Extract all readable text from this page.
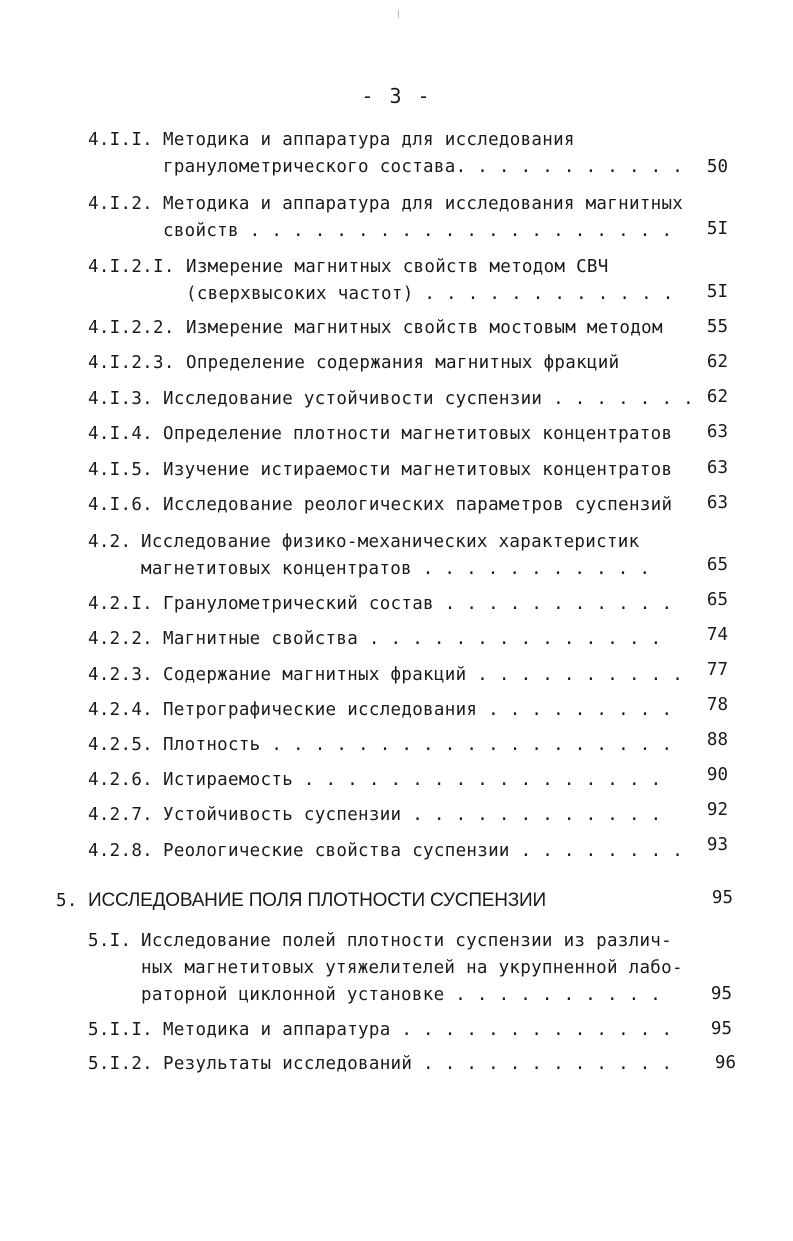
- 3 -
4.I.I. Методика и аппаратура для исследования
гранулометрического состава. . . . . . . . . . .	50
4.I.2. Методика и аппаратура для исследования магнитных
свойств . . . . . . . . . . . . . . . . . . . .	5I
4.I.2.I. Измерение магнитных свойств методом СВЧ
(сверхвысоких частот) . . . . . . . . . . . .	5I
4.I.2.2. Измерение магнитных свойств мостовым методом	55
4.I.2.3. Определение содержания магнитных фракций	62
4.I.3. Исследование устойчивости суспензии . . . . . . . 62
4.I.4. Определение плотности магнетитовых концентратов	63
4.I.5. Изучение истираемости магнетитовых концентратов	63
4.I.6. Исследование реологических параметров суспензий	63
4.2. Исследование физико-механических характеристик
магнетитовых концентратов . . . . . . . . . . .	65
4.2.I. Гранулометрический состав . . . . . . . . . . .	65
4.2.2. Магнитные свойства . . . . . . . . . . . . . .	74
4.2.3. Содержание магнитных фракций . . . . . . . . . .	77
4.2.4. Петрографические исследования . . . . . . . . .	78
4.2.5. Плотность . . . . . . . . . . . . . . . . . . .	88
4.2.6. Истираемость . . . . . . . . . . . . . . . . .	90
4.2.7. Устойчивость суспензии . . . . . . . . . . . .	92
4.2.8. Реологические свойства суспензии . . . . . . . .	93
5. ИССЛЕДОВАНИЕ ПОЛЯ ПЛОТНОСТИ СУСПЕНЗИИ	95
5.I. Исследование полей плотности суспензии из различ-
ных магнетитовых утяжелителей на укрупненной лабо-
раторной циклонной установке . . . . . . . . . .	95
5.I.I. Методика и аппаратура . . . . . . . . . . . . .	95
5.I.2. Результаты исследований . . . . . . . . . . . .	96
